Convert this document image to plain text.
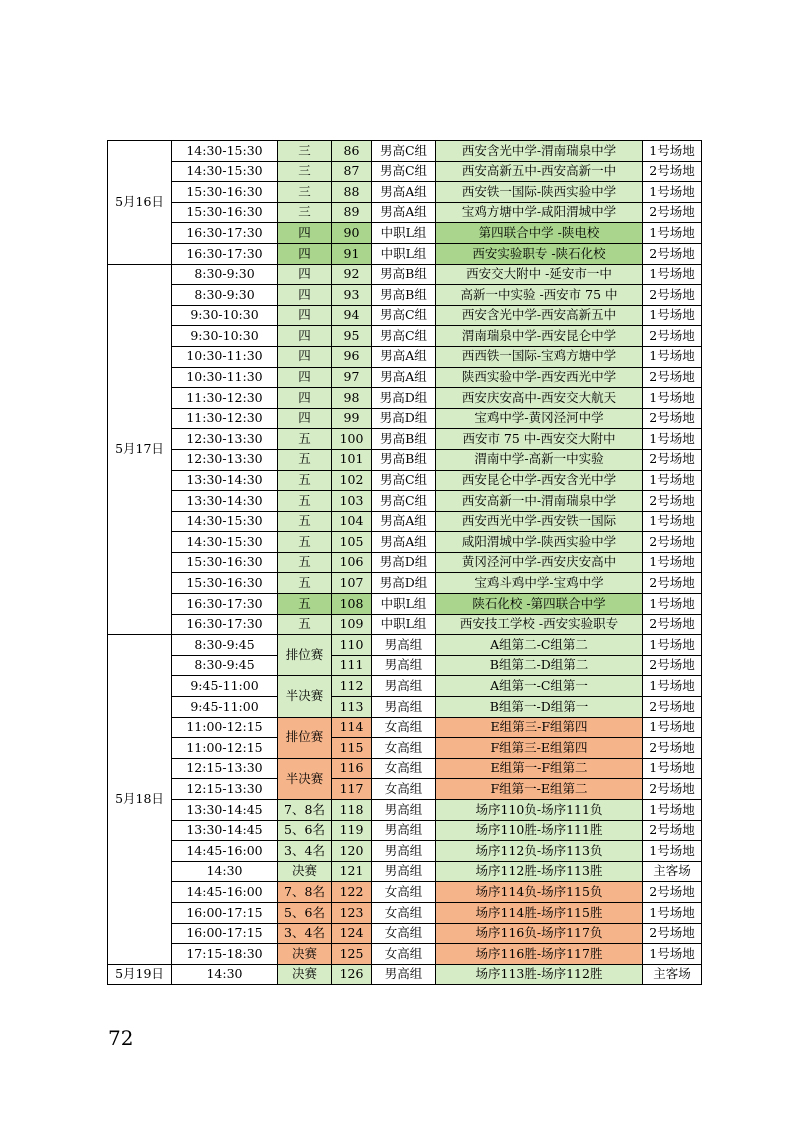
5月16日	14:30-15:30	三	86	男高C组	西安含光中学-渭南瑞泉中学	1号场地
	14:30-15:30	三	87	男高C组	西安高新五中-西安高新一中	2号场地
	15:30-16:30	三	88	男高A组	西安铁一国际-陕西实验中学	1号场地
	15:30-16:30	三	89	男高A组	宝鸡方塘中学-咸阳渭城中学	2号场地
	16:30-17:30	四	90	中职L组	第四联合中学 -陕电校	1号场地
	16:30-17:30	四	91	中职L组	西安实验职专 -陕石化校	2号场地
5月17日	8:30-9:30	四	92	男高B组	西安交大附中 -延安市一中	1号场地
	8:30-9:30	四	93	男高B组	高新一中实验 -西安市 75 中	2号场地
	9:30-10:30	四	94	男高C组	西安含光中学-西安高新五中	1号场地
	9:30-10:30	四	95	男高C组	渭南瑞泉中学-西安昆仑中学	2号场地
	10:30-11:30	四	96	男高A组	西西铁一国际-宝鸡方塘中学	1号场地
	10:30-11:30	四	97	男高A组	陕西实验中学-西安西光中学	2号场地
	11:30-12:30	四	98	男高D组	西安庆安高中-西安交大航天	1号场地
	11:30-12:30	四	99	男高D组	宝鸡中学-黄冈泾河中学	2号场地
	12:30-13:30	五	100	男高B组	西安市 75 中-西安交大附中	1号场地
	12:30-13:30	五	101	男高B组	渭南中学-高新一中实验	2号场地
	13:30-14:30	五	102	男高C组	西安昆仑中学-西安含光中学	1号场地
	13:30-14:30	五	103	男高C组	西安高新一中-渭南瑞泉中学	2号场地
	14:30-15:30	五	104	男高A组	西安西光中学-西安铁一国际	1号场地
	14:30-15:30	五	105	男高A组	咸阳渭城中学-陕西实验中学	2号场地
	15:30-16:30	五	106	男高D组	黄冈泾河中学-西安庆安高中	1号场地
	15:30-16:30	五	107	男高D组	宝鸡斗鸡中学-宝鸡中学	2号场地
	16:30-17:30	五	108	中职L组	陕石化校 -第四联合中学	1号场地
	16:30-17:30	五	109	中职L组	西安技工学校 -西安实验职专	2号场地
5月18日	8:30-9:45	排位赛	110	男高组	A组第二-C组第二	1号场地
	8:30-9:45		111	男高组	B组第二-D组第二	2号场地
	9:45-11:00	半决赛	112	男高组	A组第一-C组第一	1号场地
	9:45-11:00		113	男高组	B组第一-D组第一	2号场地
	11:00-12:15	排位赛	114	女高组	E组第三-F组第四	1号场地
	11:00-12:15		115	女高组	F组第三-E组第四	2号场地
	12:15-13:30	半决赛	116	女高组	E组第一-F组第二	1号场地
	12:15-13:30		117	女高组	F组第一-E组第二	2号场地
	13:30-14:45	7、8名	118	男高组	场序110负-场序111负	1号场地
	13:30-14:45	5、6名	119	男高组	场序110胜-场序111胜	2号场地
	14:45-16:00	3、4名	120	男高组	场序112负-场序113负	1号场地
	14:30	决赛	121	男高组	场序112胜-场序113胜	主客场
	14:45-16:00	7、8名	122	女高组	场序114负-场序115负	2号场地
	16:00-17:15	5、6名	123	女高组	场序114胜-场序115胜	1号场地
	16:00-17:15	3、4名	124	女高组	场序116负-场序117负	2号场地
	17:15-18:30	决赛	125	女高组	场序116胜-场序117胜	1号场地
5月19日	14:30	决赛	126	男高组	场序113胜-场序112胜	主客场
72
